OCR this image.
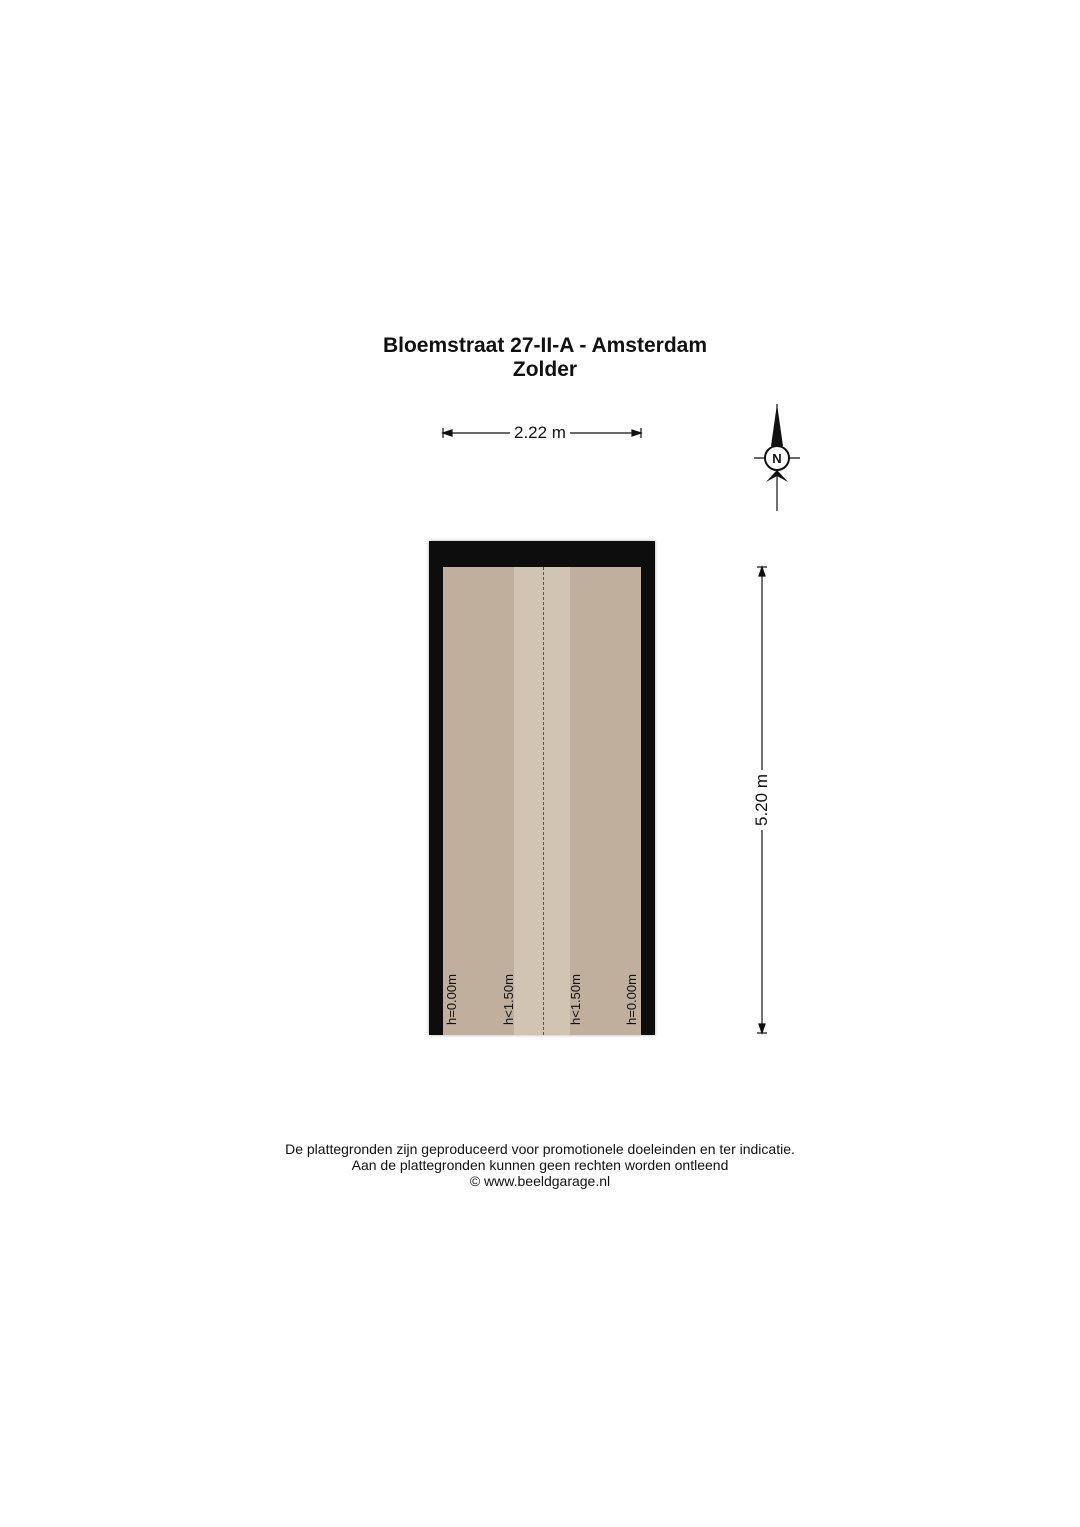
Bloemstraat 27-II-A - Amsterdam
Zolder
N
2.22 m
5.20 m
h=0.00m	h<1.50m	h<1.50m	h=0.00m
De plattegronden zijn geproduceerd voor promotionele doeleinden en ter indicatie.
Aan de plattegronden kunnen geen rechten worden ontleend
© www.beeldgarage.nl
